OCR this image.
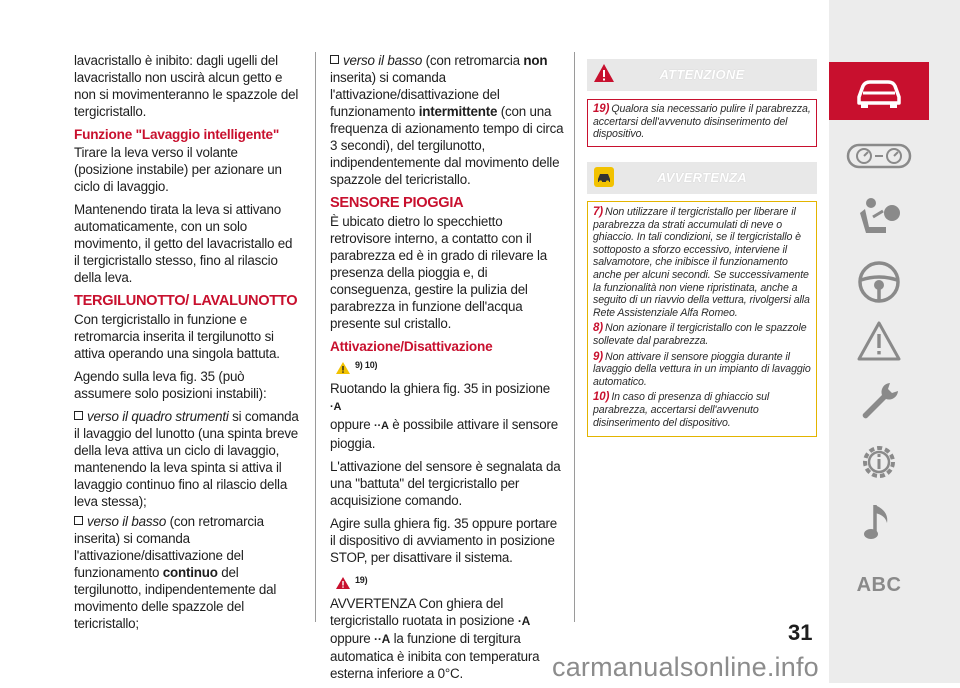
lavacristallo è inibito: dagli ugelli del lavacristallo non uscirà alcun getto e non si movimenteranno le spazzole del tergicristallo.

Funzione "Lavaggio intelligente"

Tirare la leva verso il volante (posizione instabile) per azionare un ciclo di lavaggio.

Mantenendo tirata la leva si attivano automaticamente, con un solo movimento, il getto del lavacristallo ed il tergicristallo stesso, fino al rilascio della leva.

TERGILUNOTTO/ LAVALUNOTTO

Con tergicristallo in funzione e retromarcia inserita il tergilunotto si attiva operando una singola battuta.

Agendo sulla leva fig. 35 (può assumere solo posizioni instabili):

verso il quadro strumenti si comanda il lavaggio del lunotto (una spinta breve della leva attiva un ciclo di lavaggio, mantenendo la leva spinta si attiva il lavaggio continuo fino al rilascio della leva stessa);

verso il basso (con retromarcia inserita) si comanda l'attivazione/disattivazione del funzionamento continuo del tergilunotto, indipendentemente dal movimento delle spazzole del tericristallo;

verso il basso (con retromarcia non inserita) si comanda l'attivazione/disattivazione del funzionamento intermittente (con una frequenza di azionamento tempo di circa 3 secondi), del tergilunotto, indipendentemente dal movimento delle spazzole del tericristallo.

SENSORE PIOGGIA

È ubicato dietro lo specchietto retrovisore interno, a contatto con il parabrezza ed è in grado di rilevare la presenza della pioggia e, di conseguenza, gestire la pulizia del parabrezza in funzione dell'acqua presente sul cristallo.

Attivazione/Disattivazione

$^{9) 10)}$

Ruotando la ghiera fig. 35 in posizione ·A
oppure ··A è possibile attivare il sensore pioggia.

L'attivazione del sensore è segnalata da una "battuta" del tergicristallo per acquisizione comando.

Agire sulla ghiera fig. 35 oppure portare il dispositivo di avviamento in posizione STOP, per disattivare il sistema.

$^{19)}$

AVVERTENZA Con ghiera del tergicristallo ruotata in posizione ·A
oppure ··A la funzione di tergitura automatica è inibita con temperatura esterna inferiore a 0°C.

ATTENZIONE

19) Qualora sia necessario pulire il parabrezza, accertarsi dell'avvenuto disinserimento del dispositivo.

AVVERTENZA

7) Non utilizzare il tergicristallo per liberare il parabrezza da strati accumulati di neve o ghiaccio. In tali condizioni, se il tergicristallo è sottoposto a sforzo eccessivo, interviene il salvamotore, che inibisce il funzionamento anche per alcuni secondi. Se successivamente la funzionalità non viene ripristinata, anche a seguito di un riavvio della vettura, rivolgersi alla Rete Assistenziale Alfa Romeo.

8) Non azionare il tergicristallo con le spazzole sollevate dal parabrezza.

9) Non attivare il sensore pioggia durante il lavaggio della vettura in un impianto di lavaggio automatico.

10) In caso di presenza di ghiaccio sul parabrezza, accertarsi dell'avvenuto disinserimento del dispositivo.

ABC
31
carmanualsonline.info
